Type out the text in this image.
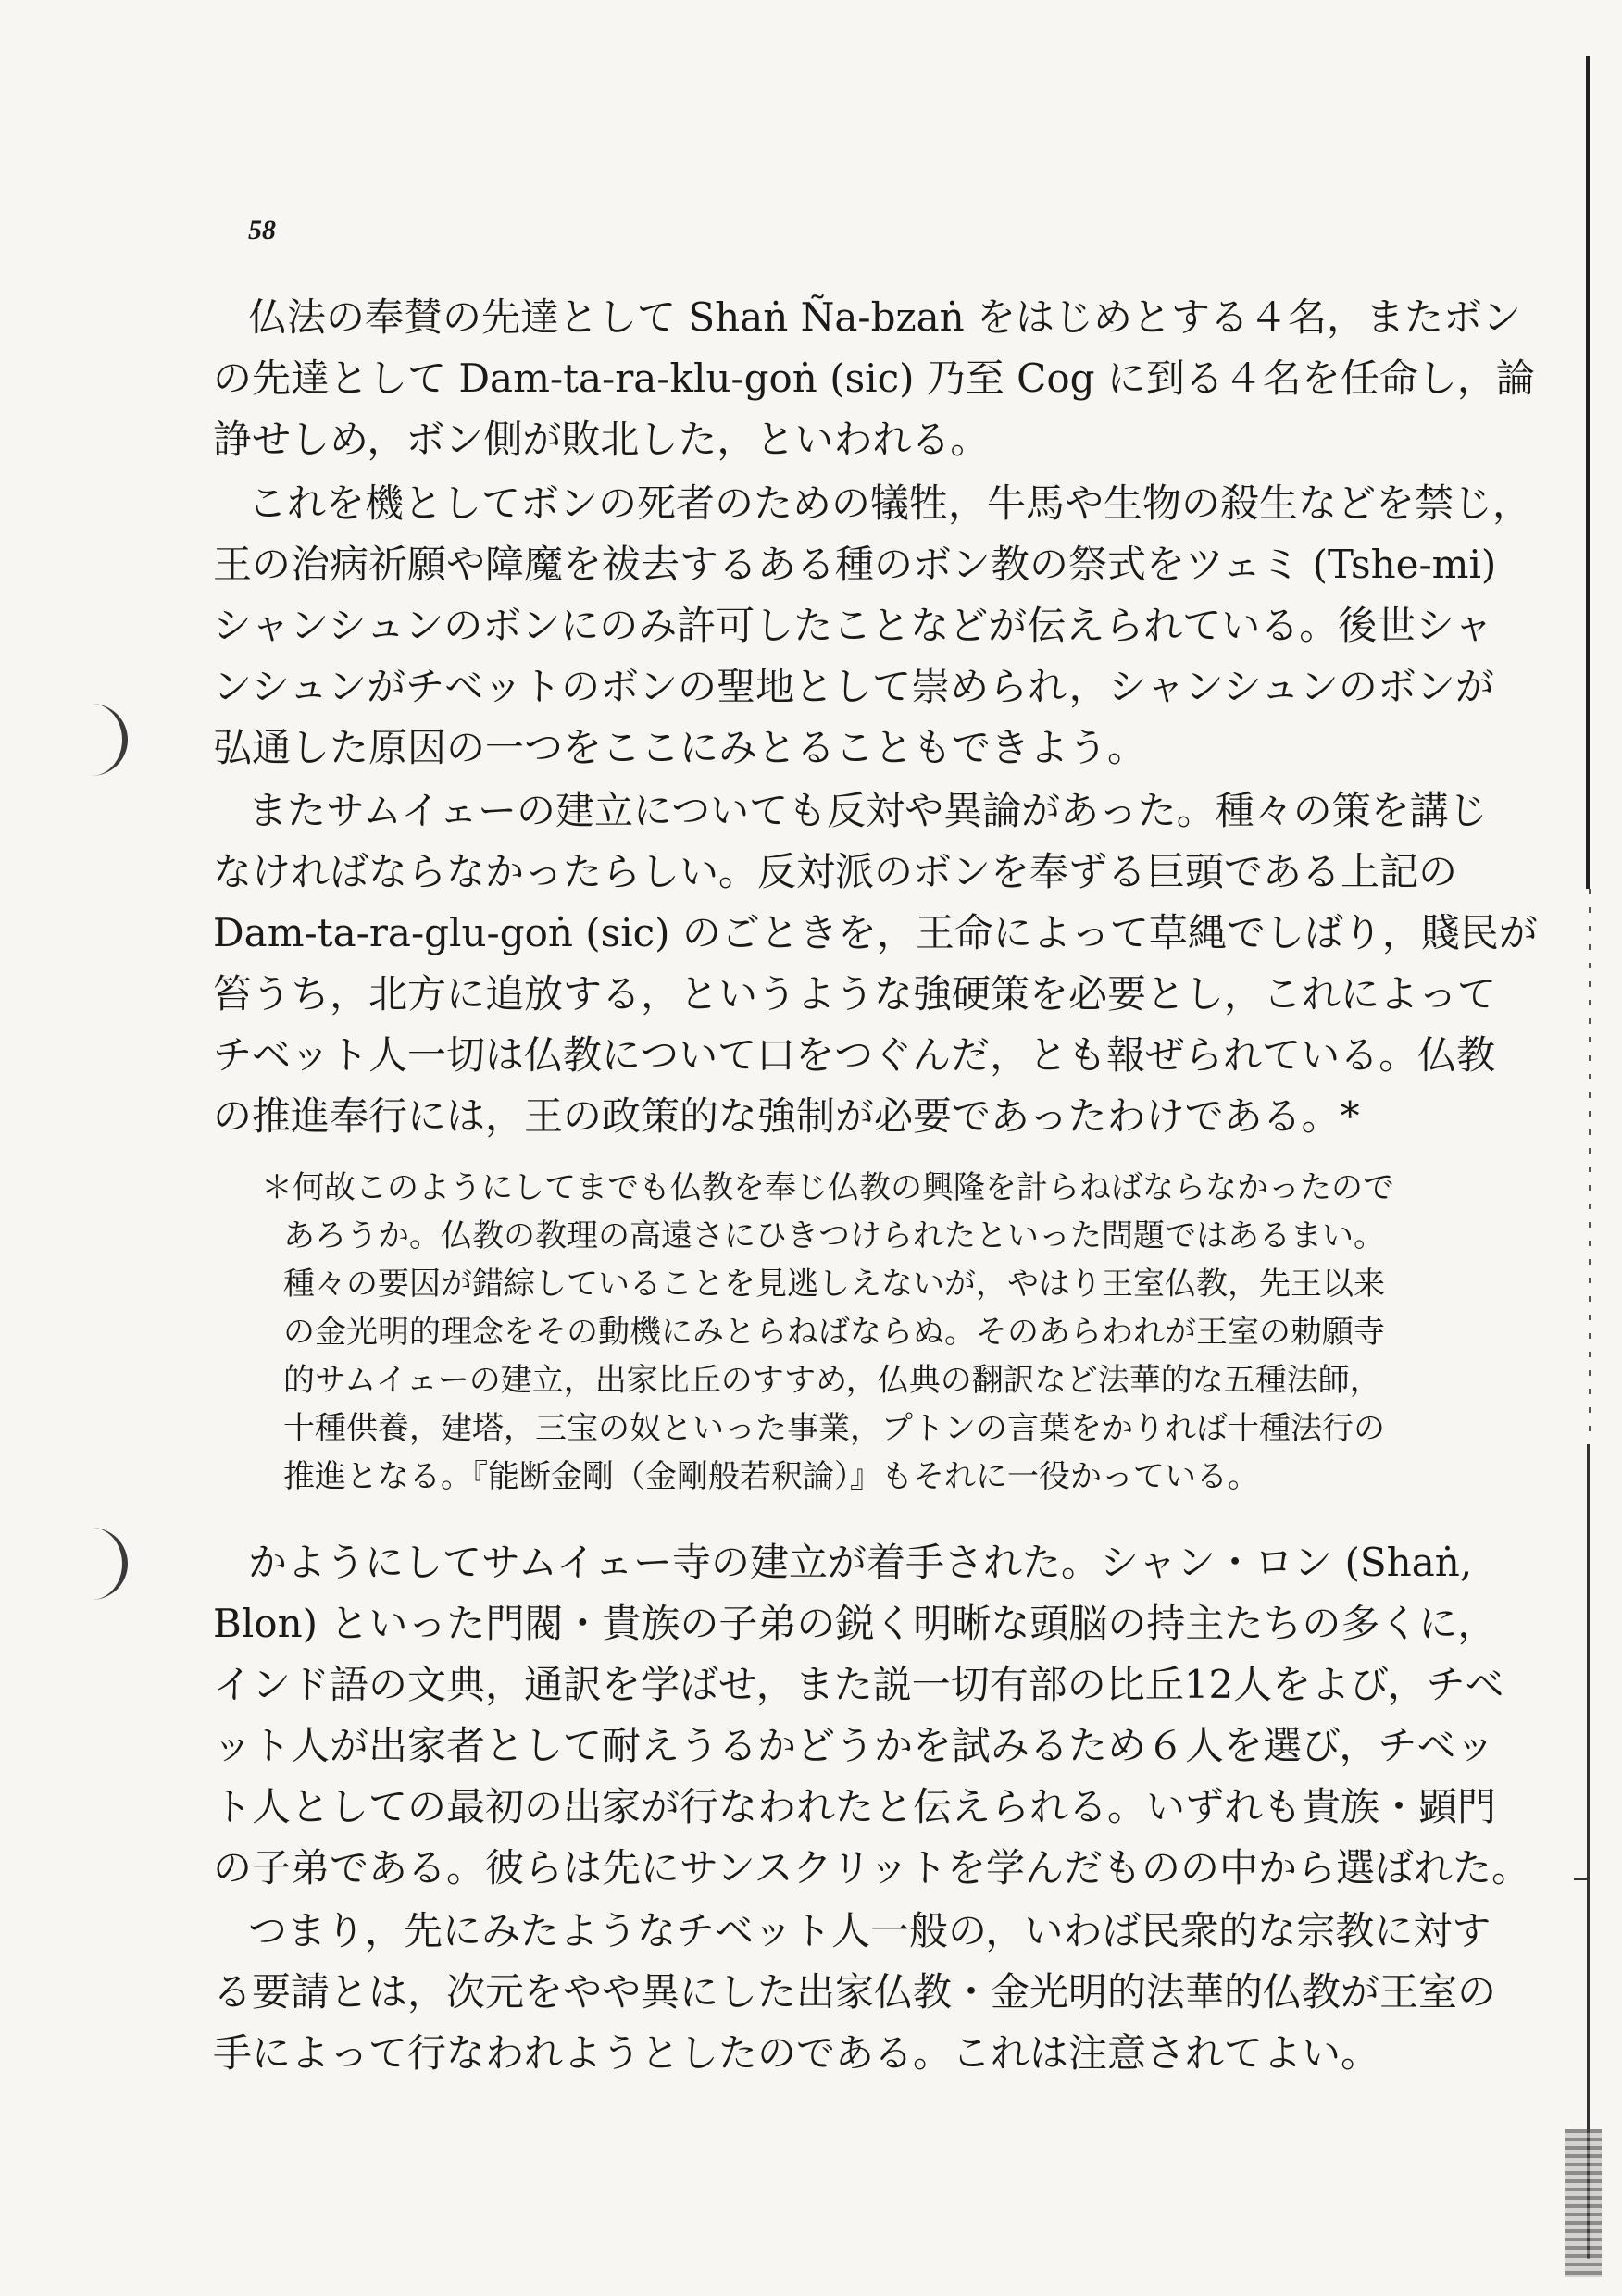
58

仏法の奉賛の先達として Shaṅ Ña-bzaṅ をはじめとする４名，またボン

の先達として Dam-ta-ra-klu-goṅ (sic) 乃至 Cog に到る４名を任命し，論

諍せしめ，ボン側が敗北した，といわれる。

これを機としてボンの死者のための犠牲，牛馬や生物の殺生などを禁じ，

王の治病祈願や障魔を祓去するある種のボン教の祭式をツェミ (Tshe-mi)

シャンシュンのボンにのみ許可したことなどが伝えられている。後世シャ

ンシュンがチベットのボンの聖地として崇められ，シャンシュンのボンが

弘通した原因の一つをここにみとることもできよう。

またサムイェーの建立についても反対や異論があった。種々の策を講じ

なければならなかったらしい。反対派のボンを奉ずる巨頭である上記の

Dam-ta-ra-glu-goṅ (sic) のごときを，王命によって草縄でしばり，賤民が

笞うち，北方に追放する，というような強硬策を必要とし，これによって

チベット人一切は仏教について口をつぐんだ，とも報ぜられている。仏教

の推進奉行には，王の政策的な強制が必要であったわけである。*

＊何故このようにしてまでも仏教を奉じ仏教の興隆を計らねばならなかったので

あろうか。仏教の教理の高遠さにひきつけられたといった問題ではあるまい。

種々の要因が錯綜していることを見逃しえないが，やはり王室仏教，先王以来

の金光明的理念をその動機にみとらねばならぬ。そのあらわれが王室の勅願寺

的サムイェーの建立，出家比丘のすすめ，仏典の翻訳など法華的な五種法師，

十種供養，建塔，三宝の奴といった事業，プトンの言葉をかりれば十種法行の

推進となる。『能断金剛（金剛般若釈論）』もそれに一役かっている。

かようにしてサムイェー寺の建立が着手された。シャン・ロン (Shaṅ,

Blon) といった門閥・貴族の子弟の鋭く明晰な頭脳の持主たちの多くに，

インド語の文典，通訳を学ばせ，また説一切有部の比丘12人をよび，チベ

ット人が出家者として耐えうるかどうかを試みるため６人を選び，チベッ

ト人としての最初の出家が行なわれたと伝えられる。いずれも貴族・顕門

の子弟である。彼らは先にサンスクリットを学んだものの中から選ばれた。

つまり，先にみたようなチベット人一般の，いわば民衆的な宗教に対す

る要請とは，次元をやや異にした出家仏教・金光明的法華的仏教が王室の

手によって行なわれようとしたのである。これは注意されてよい。
